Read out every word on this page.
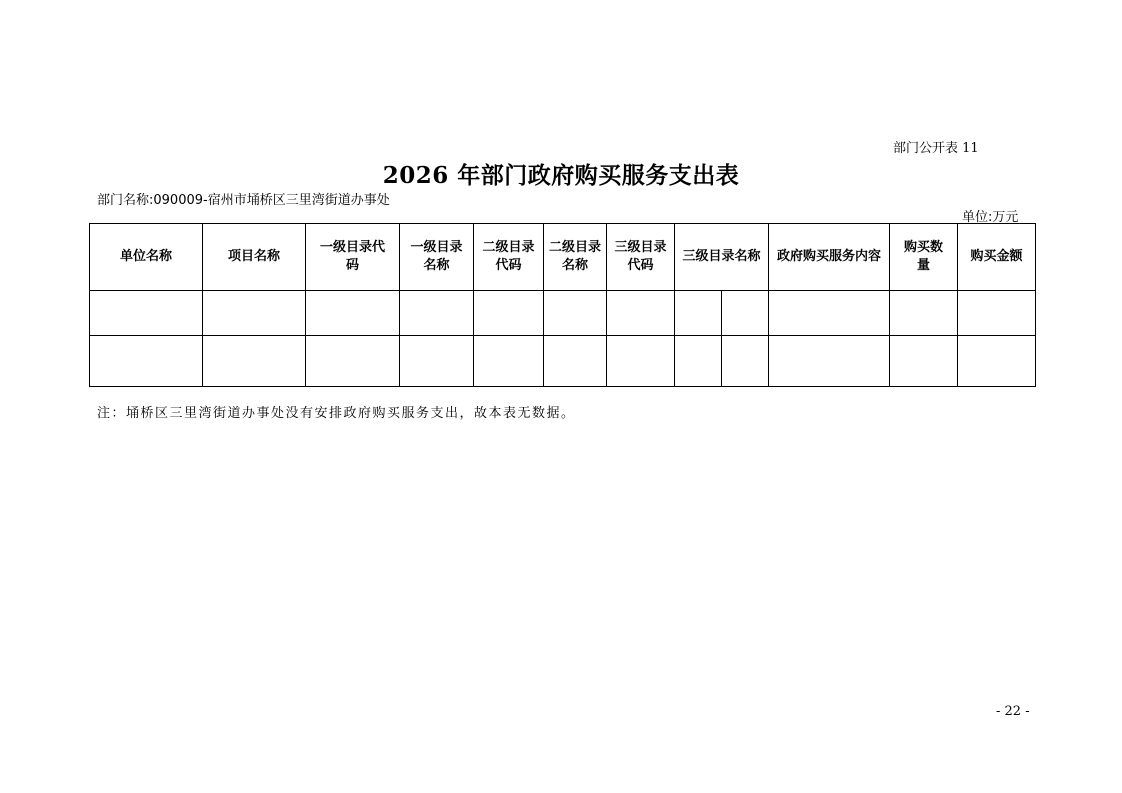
部门公开表 11
2026 年部门政府购买服务支出表
部门名称:090009-宿州市埇桥区三里湾街道办事处
单位:万元
单位名称	项目名称	一级目录代码	一级目录名称	二级目录代码	二级目录名称	三级目录代码	三级目录名称		政府购买服务内容	购买数量	购买金额

注：埇桥区三里湾街道办事处没有安排政府购买服务支出，故本表无数据。
- 22 -
